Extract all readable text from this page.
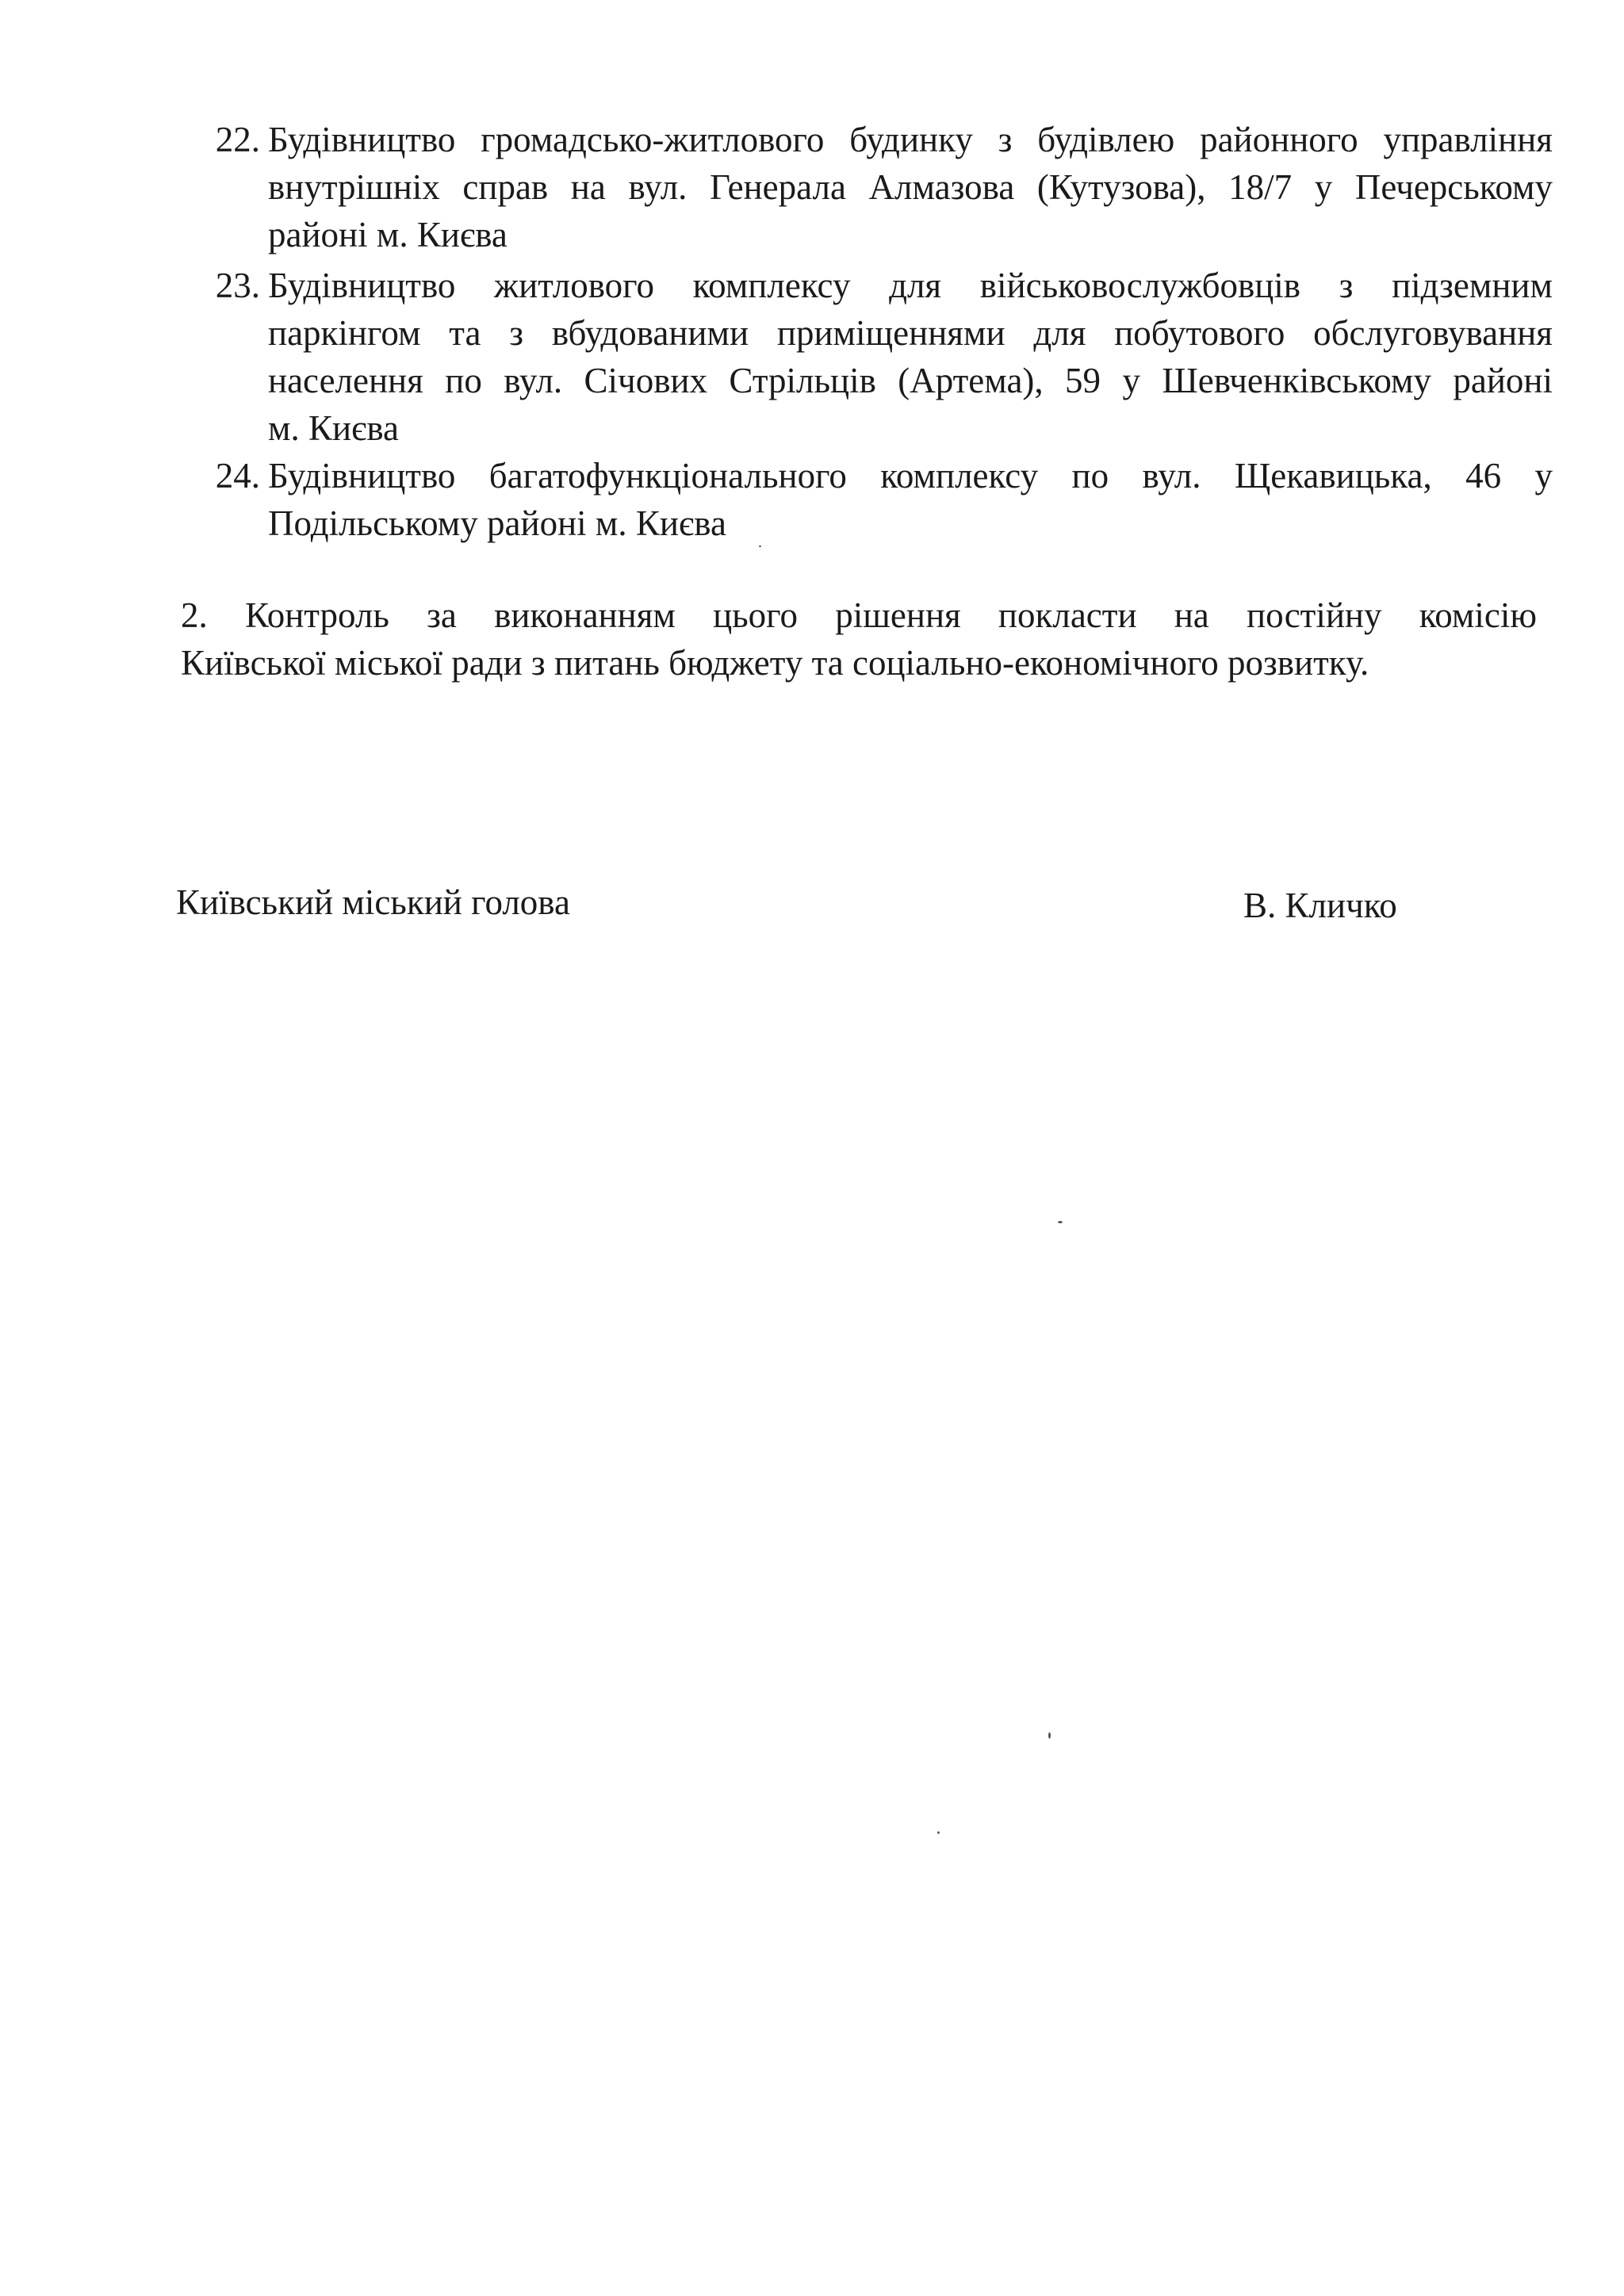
22. Будівництво громадсько-житлового будинку з будівлею районного управління
внутрішніх справ на вул. Генерала Алмазова (Кутузова), 18/7 у Печерському
районі м. Києва
23. Будівництво житлового комплексу для військовослужбовців з підземним
паркінгом та з вбудованими приміщеннями для побутового обслуговування
населення по вул. Січових Стрільців (Артема), 59 у Шевченківському районі
м. Києва
24. Будівництво багатофункціонального комплексу по вул. Щекавицька, 46 у
Подільському районі м. Києва
2. Контроль за виконанням цього рішення покласти на постійну комісію
Київської міської ради з питань бюджету та соціально-економічного розвитку.
Київський міський голова	В. Кличко
